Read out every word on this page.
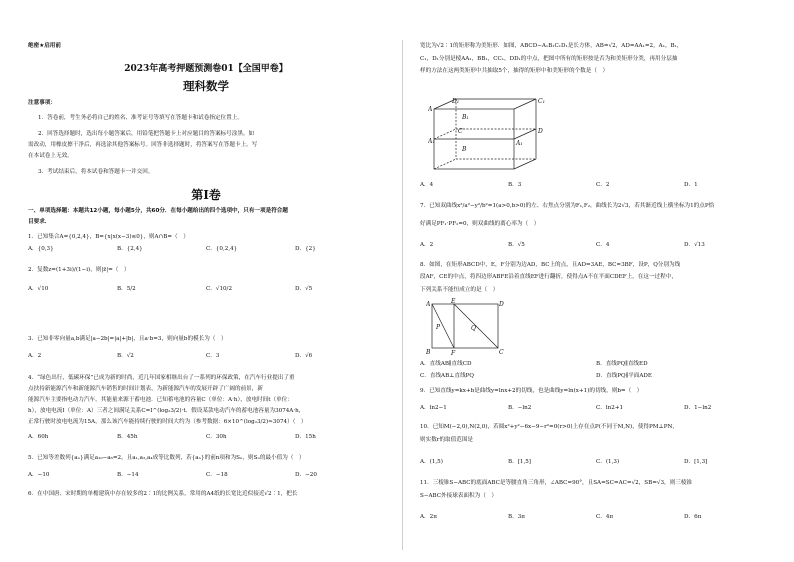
绝密★启用前
2023年高考押题预测卷01【全国甲卷】
理科数学
注意事项：
1．答卷前，考生务必将自己的姓名、准考证号等填写在答题卡和试卷指定位置上。
2．回答选择题时，选出每小题答案后，用铅笔把答题卡上对应题目的答案标号涂黑。如
需改动，用橡皮擦干净后，再选涂其他答案标号。回答非选择题时，将答案写在答题卡上。写
在本试卷上无效。
3．考试结束后，将本试卷和答题卡一并交回。
第Ⅰ卷
一、单项选择题：本题共12小题，每小题5分，共60分．在每小题给出的四个选项中，只有一项是符合题
目要求．
1．已知集合A={0,2,4}，B={x|x(x−3)≤0}，则A∩B=（　）
A．{0,3}	B．{2,4}	C．{0,2,4}	D．{2}
2．复数z=(1+3i)/(1−i)，则|z̄|=（　）
A．√10	B．5/2	C．√10/2	D．√5
3．已知非零向量a,b满足|a−2b|=|a|+|b|，且a·b=3，则向量b的模长为（　）
A．2	B．√2	C．3	D．√6
4．“绿色出行，低碳环保”已成为新的时尚，近几年国家相继出台了一系列的环保政策，在汽车行业提出了重
点扶持新能源汽车和新能源汽车销售的时间计划表，为新能源汽车的发展开辟了广阔的前景，新
能源汽车主要指电动力汽车，其能量来源于蓄电池．已知蓄电池的容量C（单位：A·h），放电时间t（单位：
h），放电电流I（单位：A）三者之间满足关系C=I^(log₂3/2)·t．假设某款电动汽车的蓄电池容量为3074A·h，
正常行驶时放电电流为15A，那么该汽车能持续行驶的时间大约为（参考数据：6×10^(log₂3/2)≈3074）（　）
A．60h	B．45h	C．30h	D．15h
5．已知等差数列{aₙ}满足a₁₀−a₆=2，且a₁,a₃,a₄成等比数列，若{aₙ}的前n项和为Sₙ，则Sₙ的最小值为（　）
A．−10	B．−14	C．−18	D．−20
6．在中国唐、宋时期的单檐建筑中存在较多的2∶1的比例关系，常用的A4纸的长宽比近似接近√2∶1，把长
宽比为√2∶1的矩形称为美矩形．如图，ABCD−A₁B₁C₁D₁是长方体，AB=√2，AD=AA₁=2，A₁，B₁，
C₁，D₁分别是棱AA₁，BB₁，CC₁，DD₁的中点，把图中所有的矩形按是否为和美矩形分类，再用分层抽
样的方法在这两类矩形中共抽取5个，抽得的矩形中和美矩形的个数是（　）
A₁
A
D₁	C₁
B₁
B
D
C
A₁
A．4	B．3	C．2	D．1
7．已知双曲线x²/a²−y²/b²=1(a>0,b>0)的左、右焦点分别为F₁,F₂，曲线长为2√3，若其渐近线上横坐标为1的点P恰
好满足PF₁·PF₂=0，则双曲线的离心率为（　）
A．2	B．√5	C．4	D．√13
8．如图，在矩形ABCD中，E，F分别为边AD，BC上的点，且AD=3AE，BC=3BF，设P，Q分别为线
段AF，CE的中点，将四边形ABFE沿着直线EF进行翻折，使得点A不在平面CDEF上，在这一过程中，
下列关系不能恒成立的是（　）
A	E	D
P	Q
B	F	C
A．直线AB∥直线CD	B．直线PQ∥直线ED
C．直线AB⊥直线PQ	D．直线PQ∥平面ADE
9．已知直线y=kx+b是曲线y=lnx+2的切线，也是曲线y=ln(x+1)的切线，则b=（　）
A．ln2−1	B．−ln2	C．ln2+1	D．1−ln2
10．已知M(−2,0),N(2,0)，若圆x²+y²−6x−9−r²=0(r>0)上存在点P(不同于M,N)，使得PM⊥PN，
则实数r的取值范围是
A．(1,5)	B．[1,5]	C．(1,3)	D．[1,3]
11．三棱锥S−ABC的底面ABC是等腰直角三角形，∠ABC=90°，且SA=SC=AC=√2，SB=√3，则三棱锥
S−ABC外接球表面积为（　）
A．2π	B．3π	C．4π	D．6π
